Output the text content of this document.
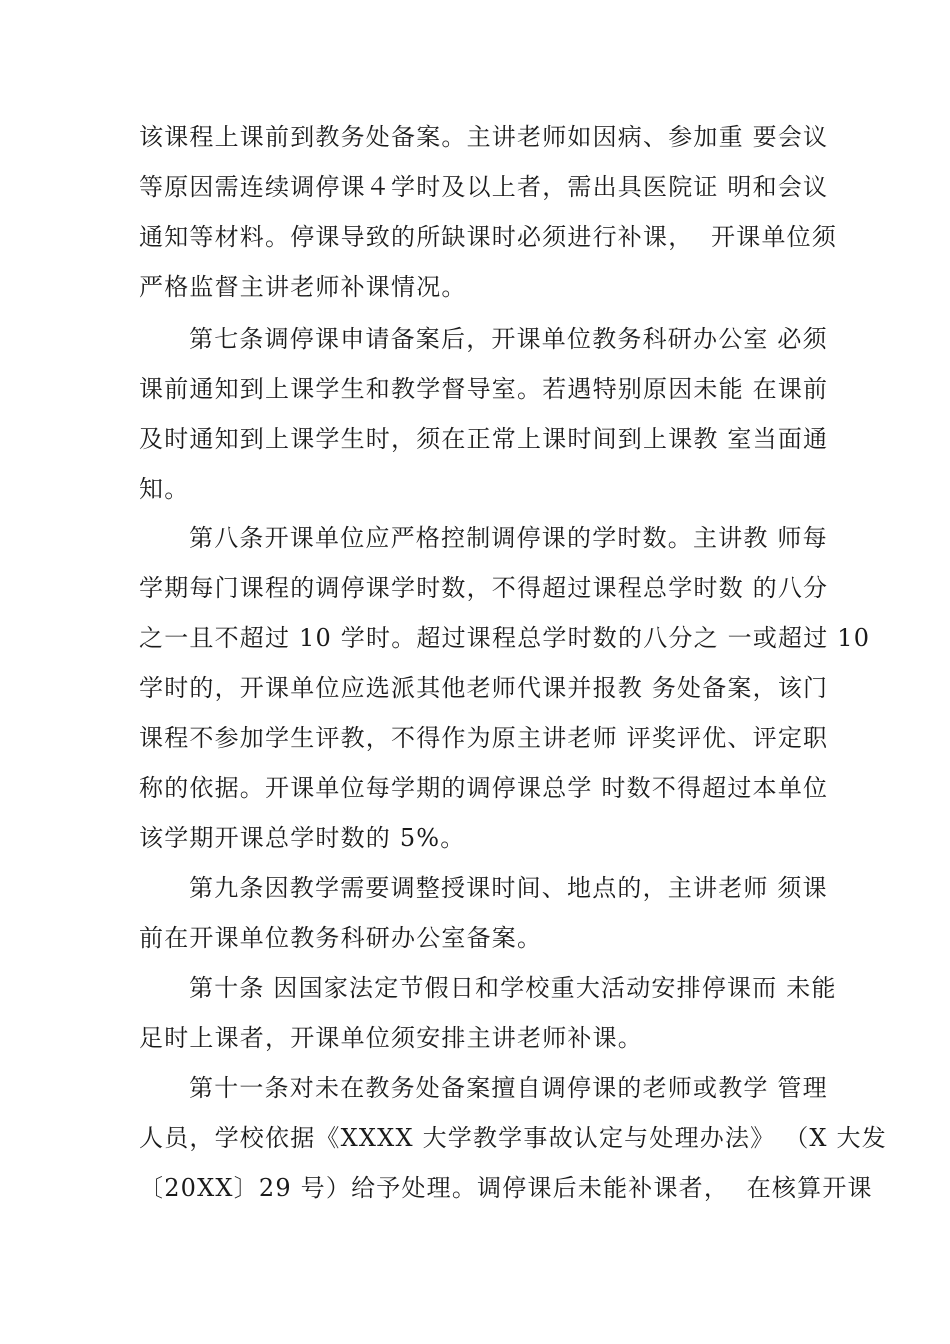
该课程上课前到教务处备案。主讲老师如因病、参加重 要会议
等原因需连续调停课４学时及以上者，需出具医院证 明和会议
通知等材料。停课导致的所缺课时必须进行补课，  开课单位须
严格监督主讲老师补课情况。
第七条调停课申请备案后，开课单位教务科研办公室 必须
课前通知到上课学生和教学督导室。若遇特别原因未能 在课前
及时通知到上课学生时，须在正常上课时间到上课教 室当面通
知。
第八条开课单位应严格控制调停课的学时数。主讲教 师每
学期每门课程的调停课学时数，不得超过课程总学时数 的八分
之一且不超过 10 学时。超过课程总学时数的八分之 一或超过 10
学时的，开课单位应选派其他老师代课并报教 务处备案，该门
课程不参加学生评教，不得作为原主讲老师 评奖评优、评定职
称的依据。开课单位每学期的调停课总学 时数不得超过本单位
该学期开课总学时数的 5%。
第九条因教学需要调整授课时间、地点的，主讲老师 须课
前在开课单位教务科研办公室备案。
第十条 因国家法定节假日和学校重大活动安排停课而 未能
足时上课者，开课单位须安排主讲老师补课。
第十一条对未在教务处备案擅自调停课的老师或教学 管理
人员，学校依据《XXXX 大学教学事故认定与处理办法》 （X 大发
〔20XX〕29 号）给予处理。调停课后未能补课者，  在核算开课
